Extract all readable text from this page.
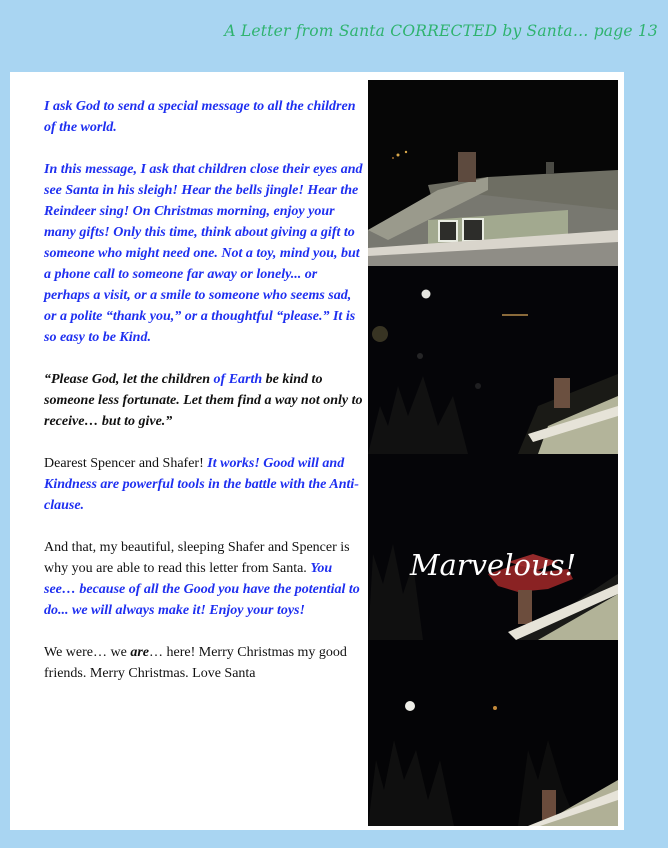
A Letter from Santa CORRECTED by Santa… page 13

I ask God to send a special message to all the children of the world.

In this message, I ask that children close their eyes and see Santa in his sleigh! Hear the bells jingle! Hear the Reindeer sing! On Christmas morning, enjoy your many gifts! Only this time, think about giving a gift to someone who might need one. Not a toy, mind you, but a phone call to someone far away or lonely... or perhaps a visit, or a smile to someone who seems sad, or a polite “thank you,” or a thoughtful “please.” It is so easy to be Kind.

“Please God, let the children of Earth be kind to someone less fortunate. Let them find a way not only to receive… but to give.”

Dearest Spencer and Shafer! It works! Good will and Kindness are powerful tools in the battle with the Anti-clause.

And that, my beautiful, sleeping Shafer and Spencer is why you are able to read this letter from Santa. You see… because of all the Good you have the potential to do... we will always make it! Enjoy your toys!

We were… we are… here! Merry Christmas my good friends. Merry Christmas. Love Santa

Marvelous!
